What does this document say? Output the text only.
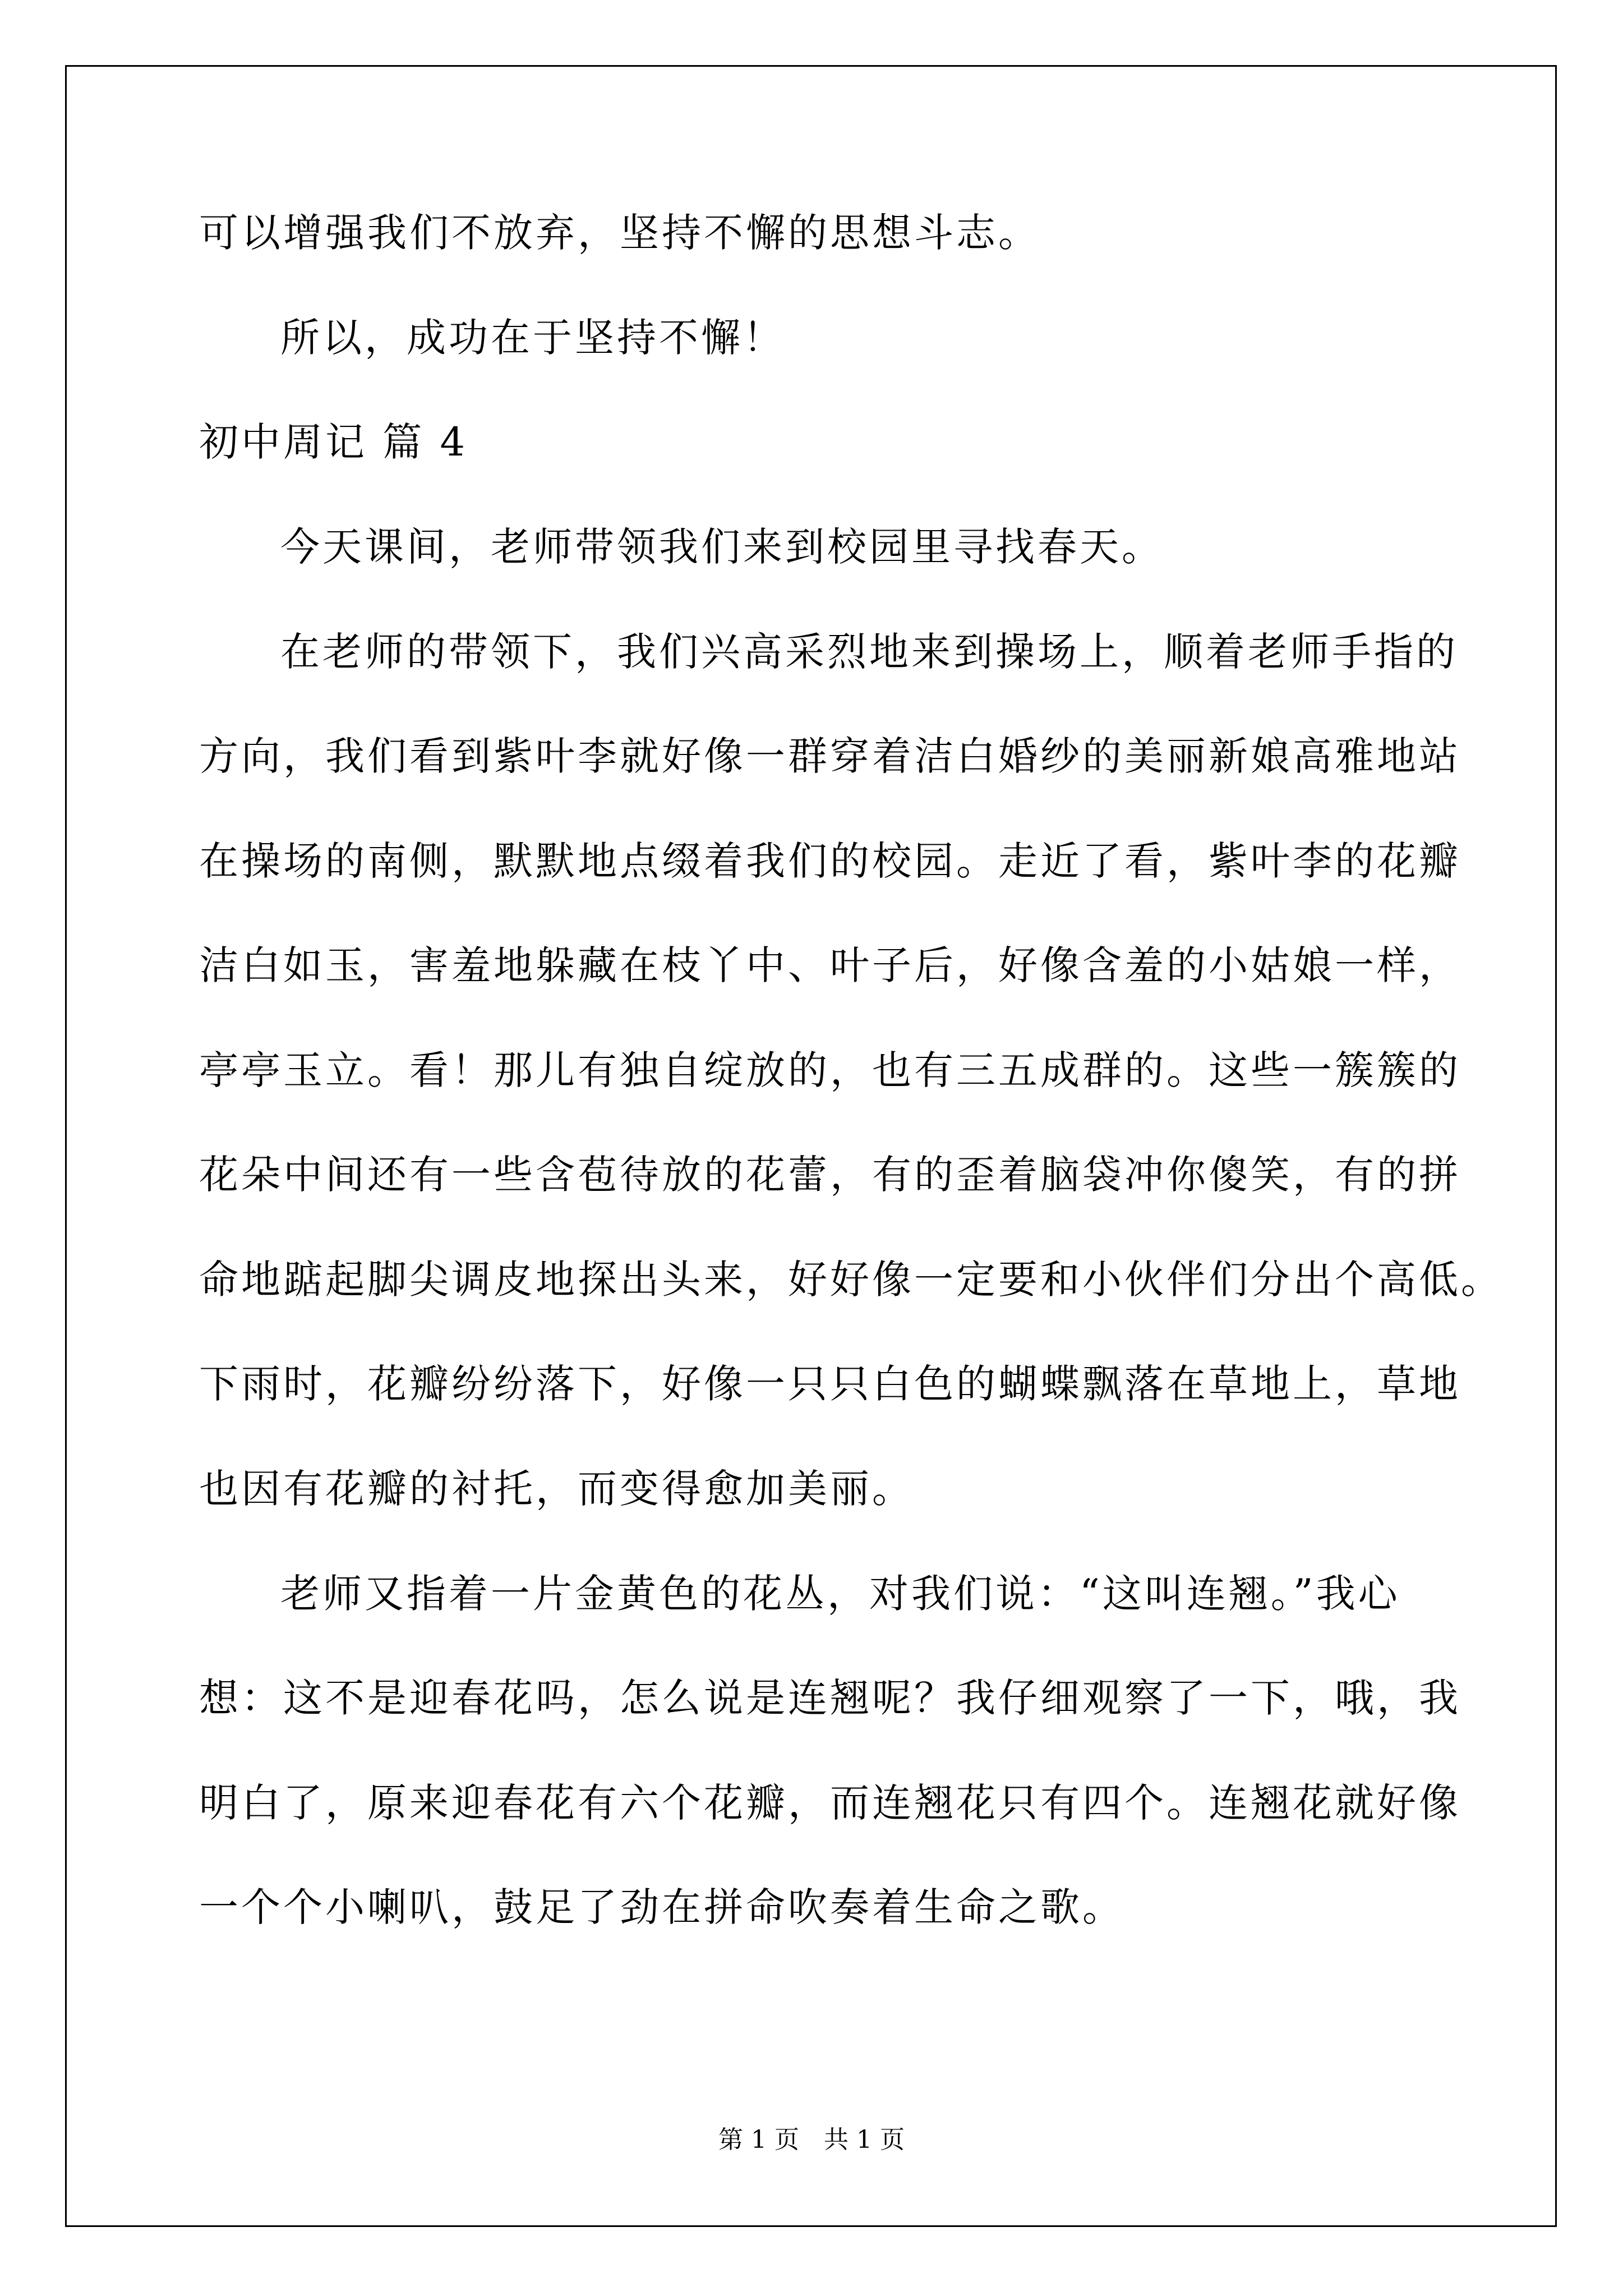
可以增强我们不放弃，坚持不懈的思想斗志。
所以，成功在于坚持不懈！
初中周记 篇 4
今天课间，老师带领我们来到校园里寻找春天。
在老师的带领下，我们兴高采烈地来到操场上，顺着老师手指的
方向，我们看到紫叶李就好像一群穿着洁白婚纱的美丽新娘高雅地站
在操场的南侧，默默地点缀着我们的校园。走近了看，紫叶李的花瓣
洁白如玉，害羞地躲藏在枝丫中、叶子后，好像含羞的小姑娘一样，
亭亭玉立。看！那儿有独自绽放的，也有三五成群的。这些一簇簇的
花朵中间还有一些含苞待放的花蕾，有的歪着脑袋冲你傻笑，有的拼
命地踮起脚尖调皮地探出头来，好好像一定要和小伙伴们分出个高低。
下雨时，花瓣纷纷落下，好像一只只白色的蝴蝶飘落在草地上，草地
也因有花瓣的衬托，而变得愈加美丽。
老师又指着一片金黄色的花丛，对我们说：“这叫连翘。”我心
想：这不是迎春花吗，怎么说是连翘呢？我仔细观察了一下，哦，我
明白了，原来迎春花有六个花瓣，而连翘花只有四个。连翘花就好像
一个个小喇叭，鼓足了劲在拼命吹奏着生命之歌。
第 1 页　共 1 页
